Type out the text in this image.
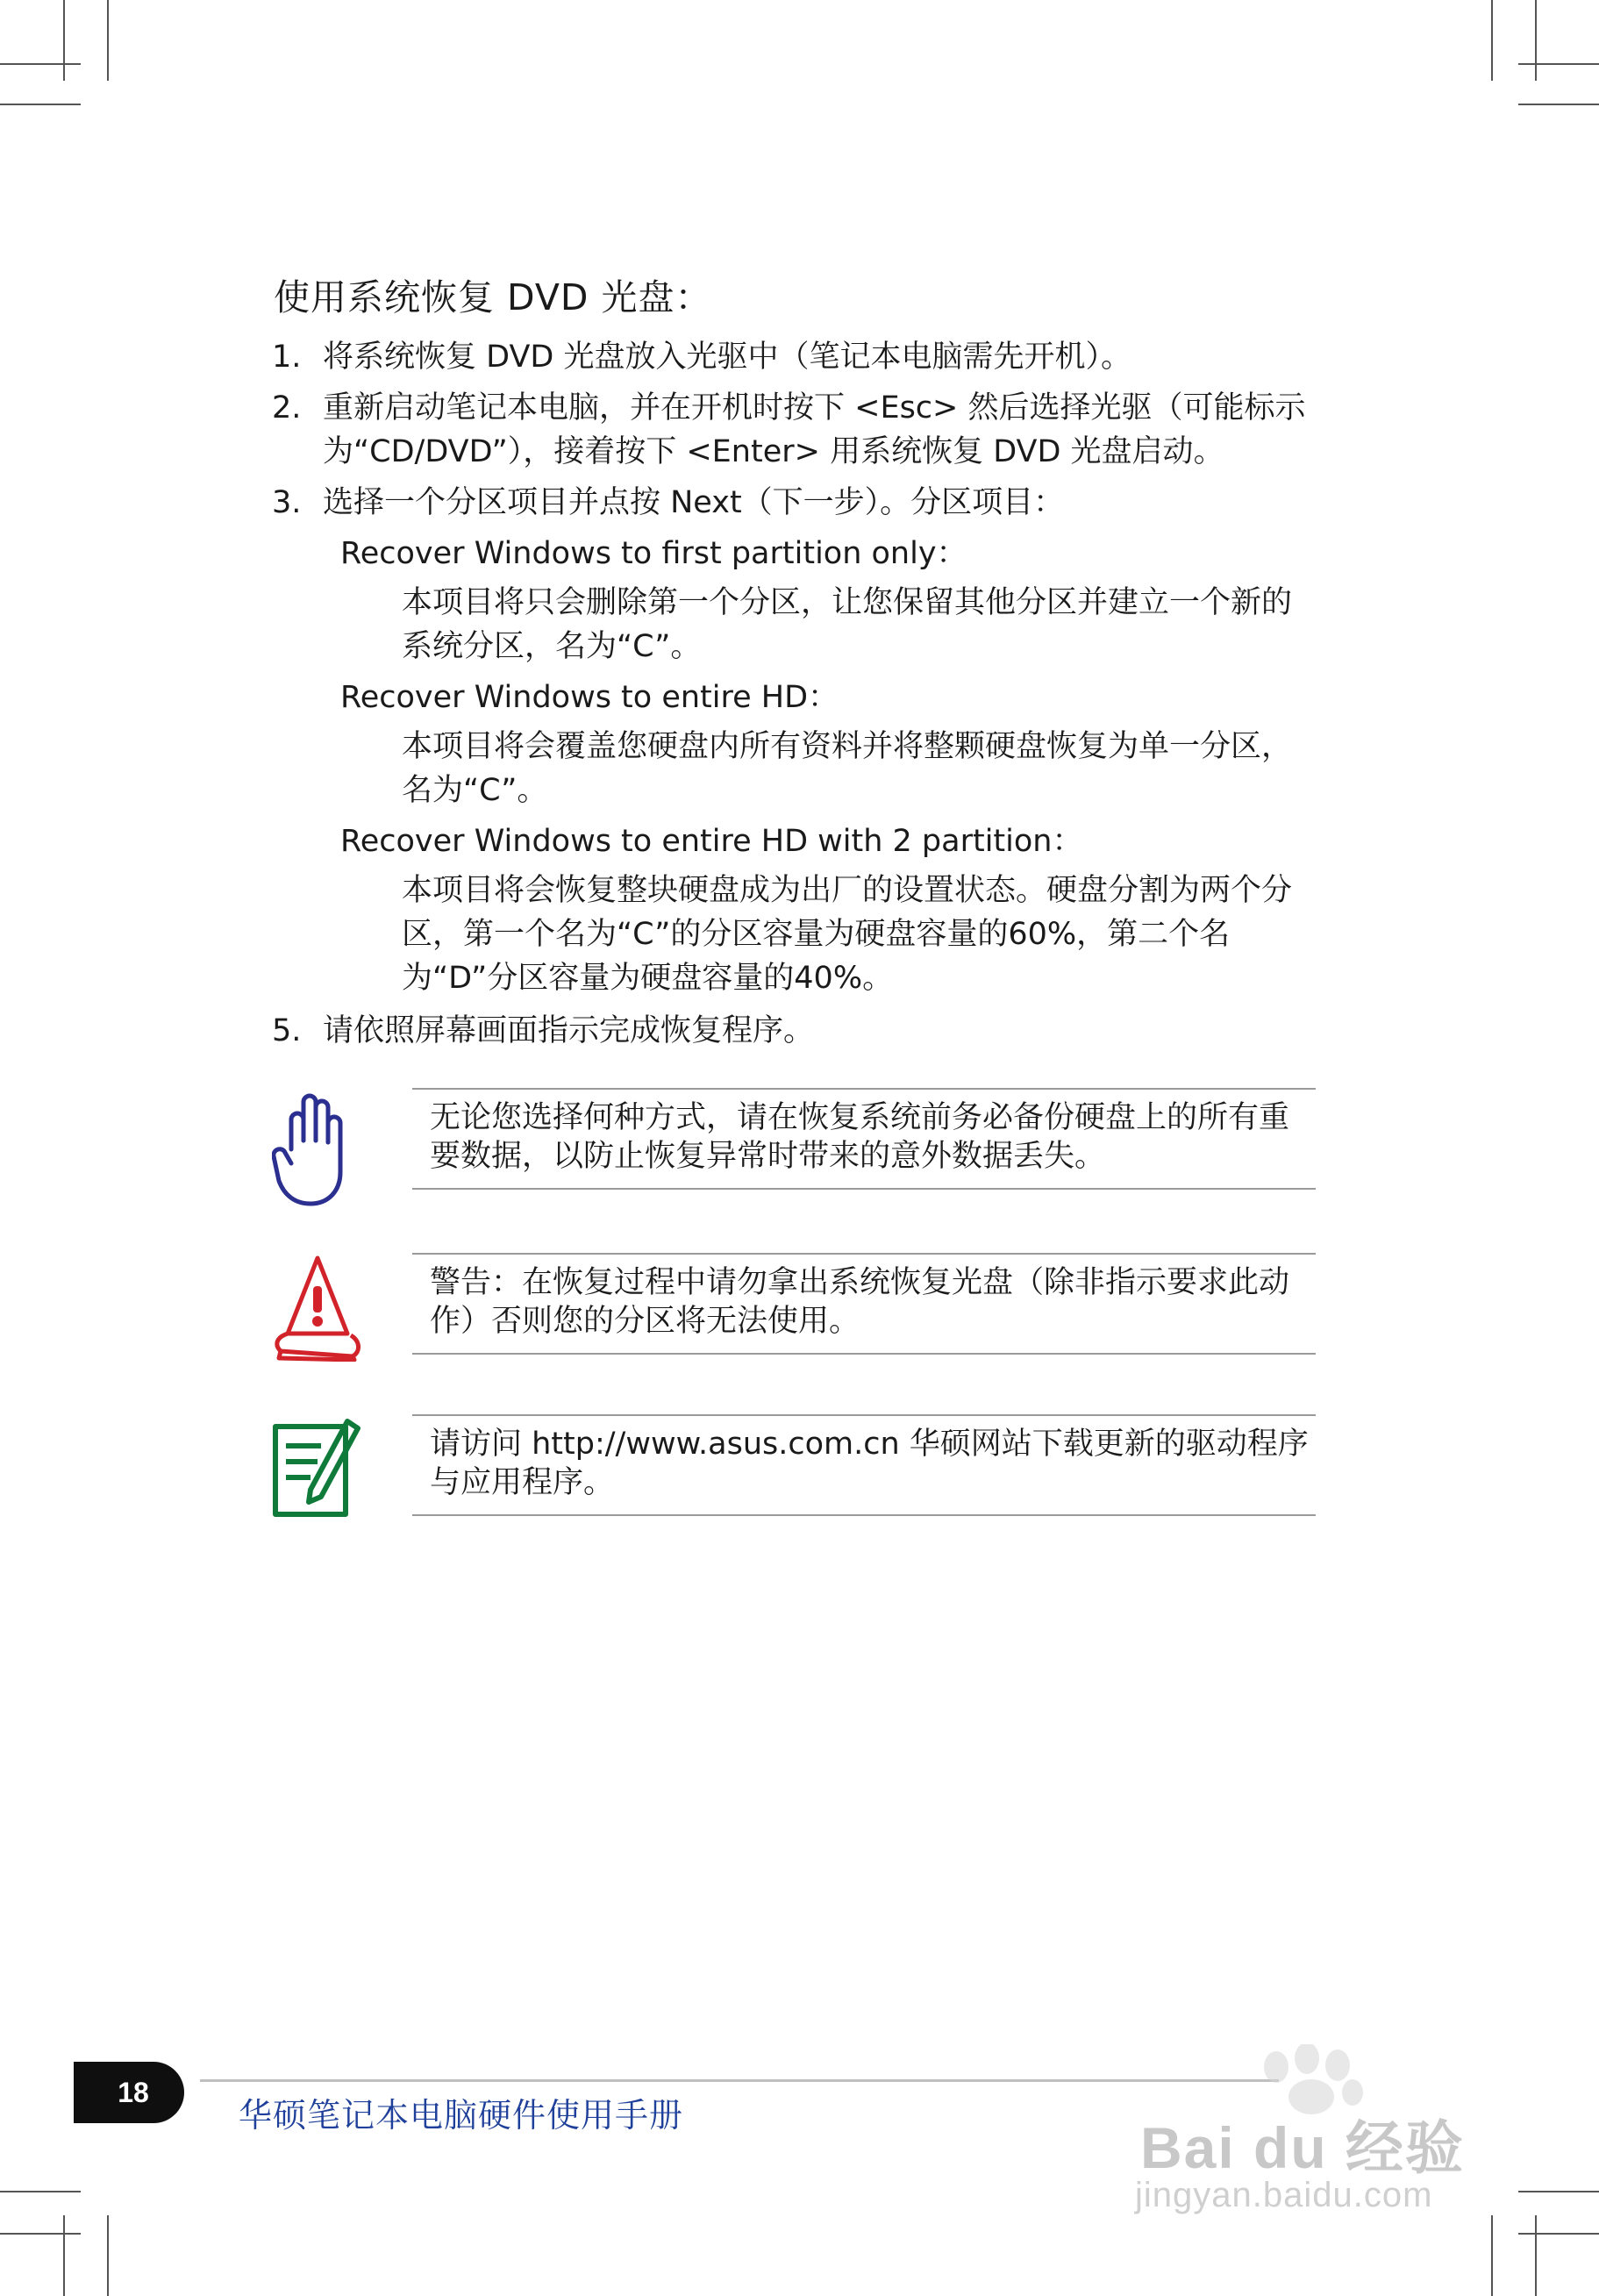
使用系统恢复 DVD 光盘：
1. 将系统恢复 DVD 光盘放入光驱中（笔记本电脑需先开机）。
2. 重新启动笔记本电脑，并在开机时按下 <Esc> 然后选择光驱（可能标示为“CD/DVD”），接着按下 <Enter> 用系统恢复 DVD 光盘启动。
3. 选择一个分区项目并点按 Next（下一步）。分区项目：
Recover Windows to first partition only：
本项目将只会删除第一个分区，让您保留其他分区并建立一个新的系统分区，名为“C”。
Recover Windows to entire HD：
本项目将会覆盖您硬盘内所有资料并将整颗硬盘恢复为单一分区，名为“C”。
Recover Windows to entire HD with 2 partition：
本项目将会恢复整块硬盘成为出厂的设置状态。硬盘分割为两个分区，第一个名为“C”的分区容量为硬盘容量的60%，第二个名为“D”分区容量为硬盘容量的40%。
5. 请依照屏幕画面指示完成恢复程序。
无论您选择何种方式，请在恢复系统前务必备份硬盘上的所有重要数据，以防止恢复异常时带来的意外数据丢失。
警告：在恢复过程中请勿拿出系统恢复光盘（除非指示要求此动作）否则您的分区将无法使用。
请访问 http://www.asus.com.cn 华硕网站下载更新的驱动程序与应用程序。
18
华硕笔记本电脑硬件使用手册	Bai du 经验
jingyan.baidu.com
